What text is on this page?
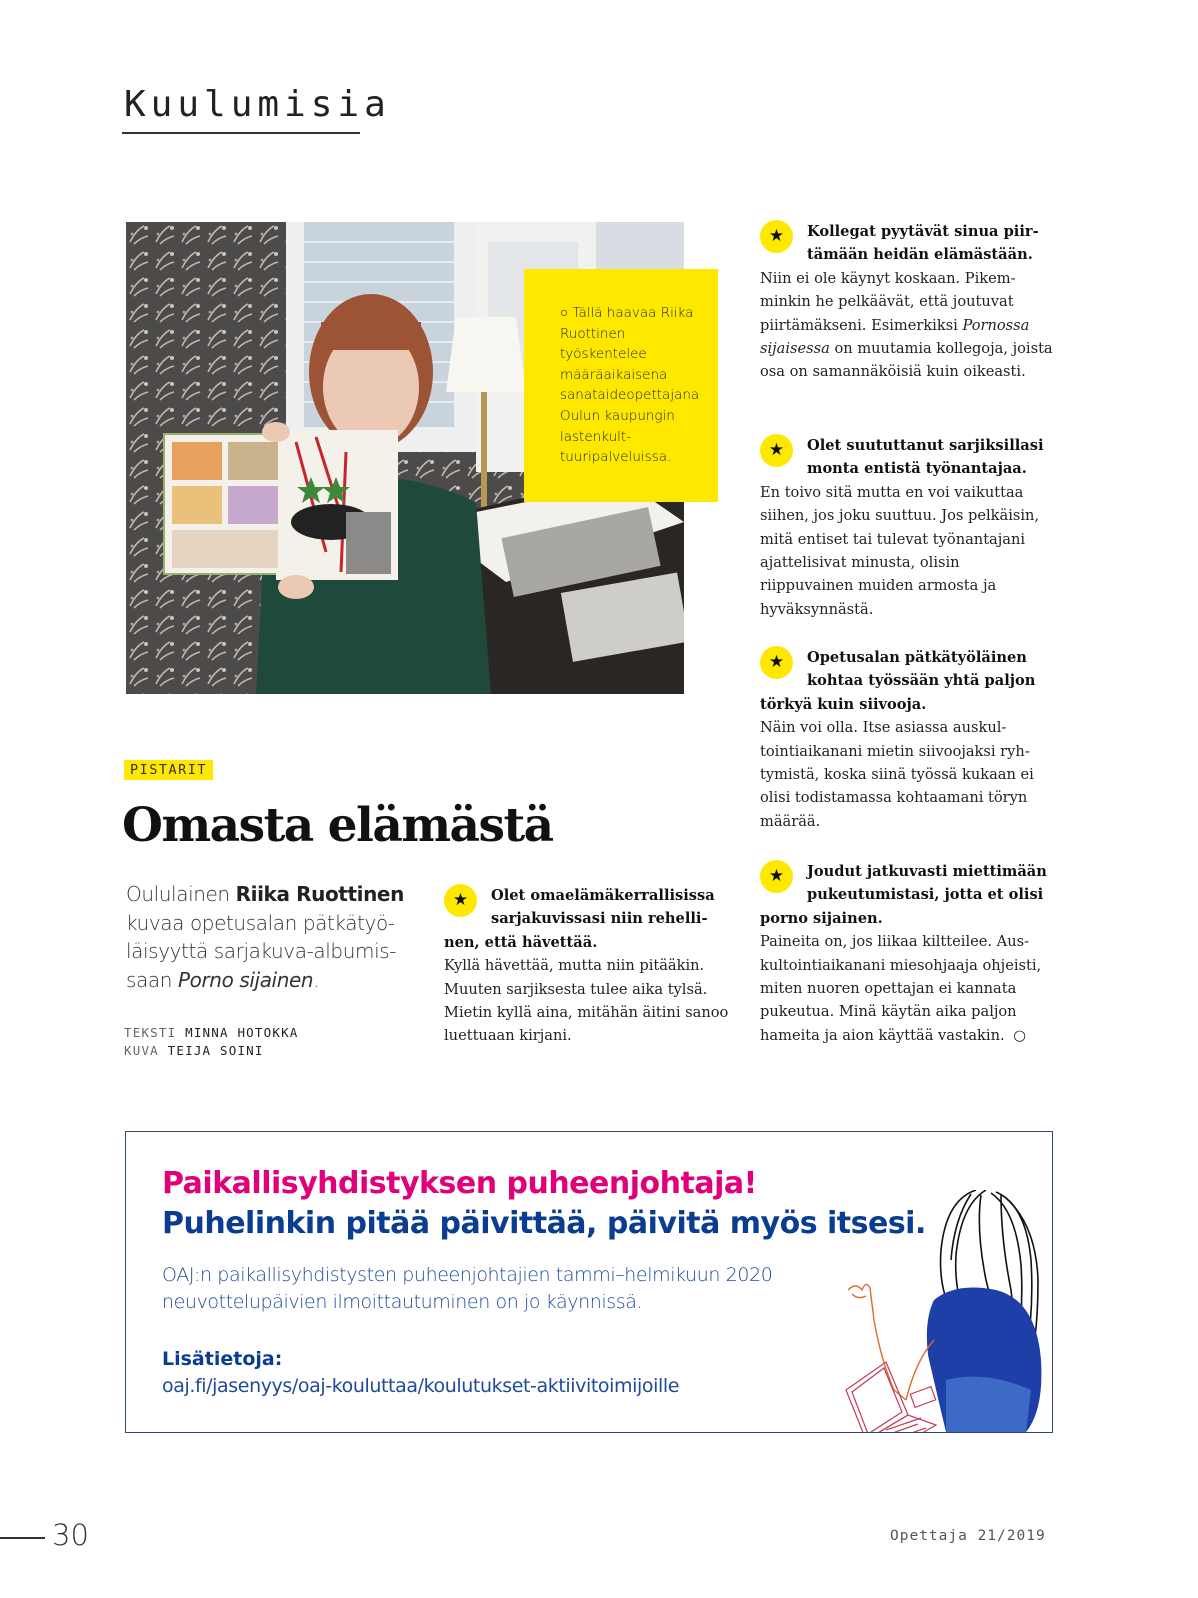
Kuulumisia
○ Tällä haavaa Riika Ruottinen työskentelee määräaikaisena sanataideopettajana Oulun kaupungin lastenkulttuuripalveluissa.
PISTARIT
Omasta elämästä
Oululainen Riika Ruottinen kuvaa opetusalan pätkätyöläisyyttä sarjakuva-albumissaan Porno sijainen.
TEKSTI MINNA HOTOKKA
KUVA TEIJA SOINI
★	Olet omaelämäkerrallisissa sarjakuvissasi niin rehellinen, että hävettää.
Kyllä hävettää, mutta niin pitääkin. Muuten sarjiksesta tulee aika tylsä. Mietin kyllä aina, mitähän äitini sanoo luettuaan kirjani.
★	Kollegat pyytävät sinua piirtämään heidän elämästään.
Niin ei ole käynyt koskaan. Pikemminkin he pelkäävät, että joutuvat piirtämäkseni. Esimerkiksi Pornossa sijaisessa on muutamia kollegoja, joista osa on samannäköisiä kuin oikeasti.
★	Olet suututtanut sarjiksillasi monta entistä työnantajaa.
En toivo sitä mutta en voi vaikuttaa siihen, jos joku suuttuu. Jos pelkäisin, mitä entiset tai tulevat työnantajani ajattelisivat minusta, olisin riippuvainen muiden armosta ja hyväksynnästä.
★	Opetusalan pätkätyöläinen kohtaa työssään yhtä paljon törkyä kuin siivooja.
Näin voi olla. Itse asiassa auskultointiaikanani mietin siivoojaksi ryhtymistä, koska siinä työssä kukaan ei olisi todistamassa kohtaamani töryn määrää.
★	Joudut jatkuvasti miettimään pukeutumistasi, jotta et olisi porno sijainen.
Paineita on, jos liikaa kiltteilee. Auskultointiaikanani miesohjaaja ohjeisti, miten nuoren opettajan ei kannata pukeutua. Minä käytän aika paljon hameita ja aion käyttää vastakin. ○
Paikallisyhdistyksen puheenjohtaja!
Puhelinkin pitää päivittää, päivitä myös itsesi.
OAJ:n paikallisyhdistysten puheenjohtajien tammi–helmikuun 2020
neuvottelupäivien ilmoittautuminen on jo käynnissä.
Lisätietoja:
oaj.fi/jasenyys/oaj-kouluttaa/koulutukset-aktiivitoimijoille
30	Opettaja 21/2019
